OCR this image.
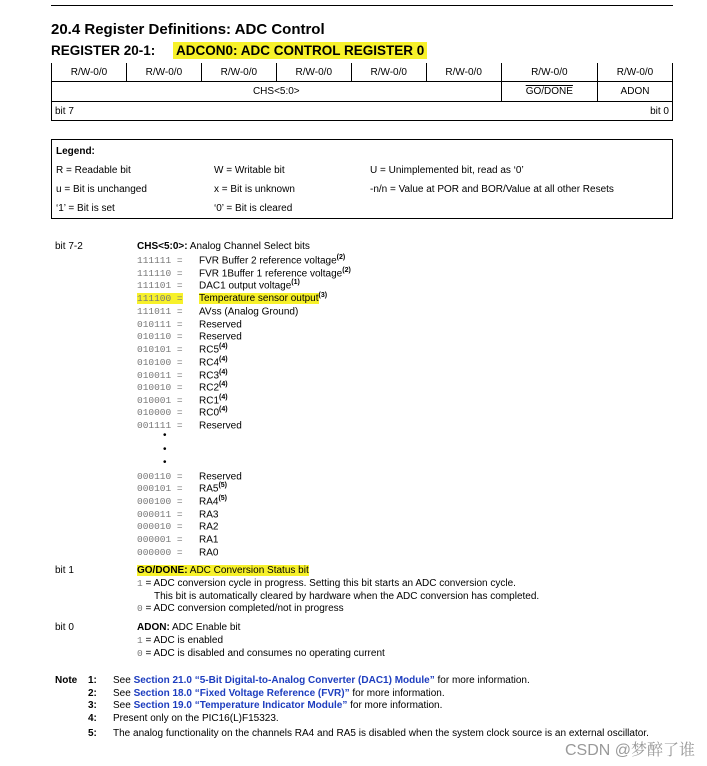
20.4 Register Definitions: ADC Control
REGISTER 20-1: ADCON0: ADC CONTROL REGISTER 0
R/W-0/0	R/W-0/0	R/W-0/0	R/W-0/0	R/W-0/0	R/W-0/0	R/W-0/0	R/W-0/0
CHS<5:0>						GO/DONE	ADON

bit 7 bit 0							
Legend:
R = Readable bit	W = Writable bit	U = Unimplemented bit, read as ‘0’
u = Bit is unchanged	x = Bit is unknown	-n/n = Value at POR and BOR/Value at all other Resets
‘1’ = Bit is set	‘0’ = Bit is cleared
bit 7-2	CHS<5:0>: Analog Channel Select bits
111111 = FVR Buffer 2 reference voltage$^{(2)}$
111110 = FVR 1Buffer 1 reference voltage$^{(2)}$
111101 = DAC1 output voltage$^{(1)}$
111100 = Temperature sensor output$^{(3)}$
111011 = AVss (Analog Ground)
010111 = Reserved
010110 = Reserved
$010101 = RC5^{(4)}$
$010100 = RC4^{(4)}$
$010011 = RC3^{(4)}$
$010010 = RC2^{(4)}$
$010001 = RC1^{(4)}$
$010000 = RC0^{(4)}$
001111 = Reserved
•
•
•
000110 = Reserved
$000101 = RA5^{(5)}$
$000100 = RA4^{(5)}$
000011 = RA3
000010 = RA2
000001 = RA1
000000 = RA0
bit 1	GO/DONE: ADC Conversion Status bit
1 = ADC conversion cycle in progress. Setting this bit starts an ADC conversion cycle.
This bit is automatically cleared by hardware when the ADC conversion has completed.
0 = ADC conversion completed/not in progress
bit 0	ADON: ADC Enable bit
1 = ADC is enabled
0 = ADC is disabled and consumes no operating current
Note 1: See Section 21.0 “5-Bit Digital-to-Analog Converter (DAC1) Module” for more information.
2: See Section 18.0 “Fixed Voltage Reference (FVR)” for more information.
3: See Section 19.0 “Temperature Indicator Module” for more information.
4: Present only on the PIC16(L)F15323.
5: The analog functionality on the channels RA4 and RA5 is disabled when the system clock source is an external oscillator.
CSDN @梦醉了谁
